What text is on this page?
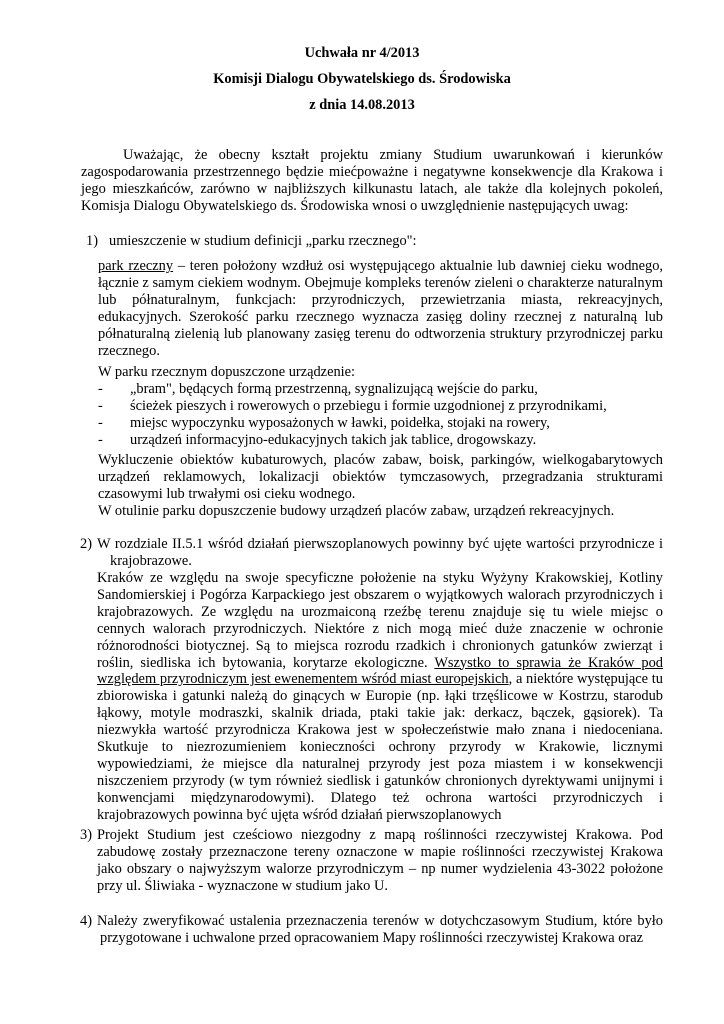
Uchwała nr 4/2013
Komisji Dialogu Obywatelskiego ds. Środowiska
z dnia 14.08.2013
Uważając, że obecny kształt projektu zmiany Studium uwarunkowań i kierunków zagospodarowania przestrzennego będzie miećpoważne i negatywne konsekwencje dla Krakowa i jego mieszkańców, zarówno w najbliższych kilkunastu latach, ale także dla kolejnych pokoleń, Komisja Dialogu Obywatelskiego ds. Środowiska wnosi o uwzględnienie następujących uwag:
1) umieszczenie w studium definicji „parku rzecznego":
park rzeczny – teren położony wzdłuż osi występującego aktualnie lub dawniej cieku wodnego, łącznie z samym ciekiem wodnym. Obejmuje kompleks terenów zieleni o charakterze naturalnym lub półnaturalnym, funkcjach: przyrodniczych, przewietrzania miasta, rekreacyjnych, edukacyjnych. Szerokość parku rzecznego wyznacza zasięg doliny rzecznej z naturalną lub półnaturalną zielenią lub planowany zasięg terenu do odtworzenia struktury przyrodniczej parku rzecznego.
W parku rzecznym dopuszczone urządzenie:
- „bram", będących formą przestrzenną, sygnalizującą wejście do parku,
- ścieżek pieszych i rowerowych o przebiegu i formie uzgodnionej z przyrodnikami,
- miejsc wypoczynku wyposażonych w ławki, poidełka, stojaki na rowery,
- urządzeń informacyjno-edukacyjnych takich jak tablice, drogowskazy.
Wykluczenie obiektów kubaturowych, placów zabaw, boisk, parkingów, wielkogabarytowych urządzeń reklamowych, lokalizacji obiektów tymczasowych, przegradzania strukturami czasowymi lub trwałymi osi cieku wodnego.
W otulinie parku dopuszczenie budowy urządzeń placów zabaw, urządzeń rekreacyjnych.
2) W rozdziale II.5.1 wśród działań pierwszoplanowych powinny być ujęte wartości przyrodnicze i krajobrazowe.
Kraków ze względu na swoje specyficzne położenie na styku Wyżyny Krakowskiej, Kotliny Sandomierskiej i Pogórza Karpackiego jest obszarem o wyjątkowych walorach przyrodniczych i krajobrazowych. Ze względu na urozmaiconą rzeźbę terenu znajduje się tu wiele miejsc o cennych walorach przyrodniczych. Niektóre z nich mogą mieć duże znaczenie w ochronie różnorodności biotycznej. Są to miejsca rozrodu rzadkich i chronionych gatunków zwierząt i roślin, siedliska ich bytowania, korytarze ekologiczne. Wszystko to sprawia że Kraków pod względem przyrodniczym jest ewenementem wśród miast europejskich, a niektóre występujące tu zbiorowiska i gatunki należą do ginących w Europie (np. łąki trzęślicowe w Kostrzu, starodub łąkowy, motyle modraszki, skalnik driada, ptaki takie jak: derkacz, bączek, gąsiorek). Ta niezwykła wartość przyrodnicza Krakowa jest w społeczeństwie mało znana i niedoceniana. Skutkuje to niezrozumieniem konieczności ochrony przyrody w Krakowie, licznymi wypowiedziami, że miejsce dla naturalnej przyrody jest poza miastem i w konsekwencji niszczeniem przyrody (w tym również siedlisk i gatunków chronionych dyrektywami unijnymi i konwencjami międzynarodowymi). Dlatego też ochrona wartości przyrodniczych i krajobrazowych powinna być ujęta wśród działań pierwszoplanowych
3) Projekt Studium jest cześciowo niezgodny z mapą roślinności rzeczywistej Krakowa. Pod zabudowę zostały przeznaczone tereny oznaczone w mapie roślinności rzeczywistej Krakowa jako obszary o najwyższym walorze przyrodniczym – np numer wydzielenia 43-3022 położone przy ul. Śliwiaka - wyznaczone w studium jako U.
4) Należy zweryfikować ustalenia przeznaczenia terenów w dotychczasowym Studium, które było przygotowane i uchwalone przed opracowaniem Mapy roślinności rzeczywistej Krakowa oraz
